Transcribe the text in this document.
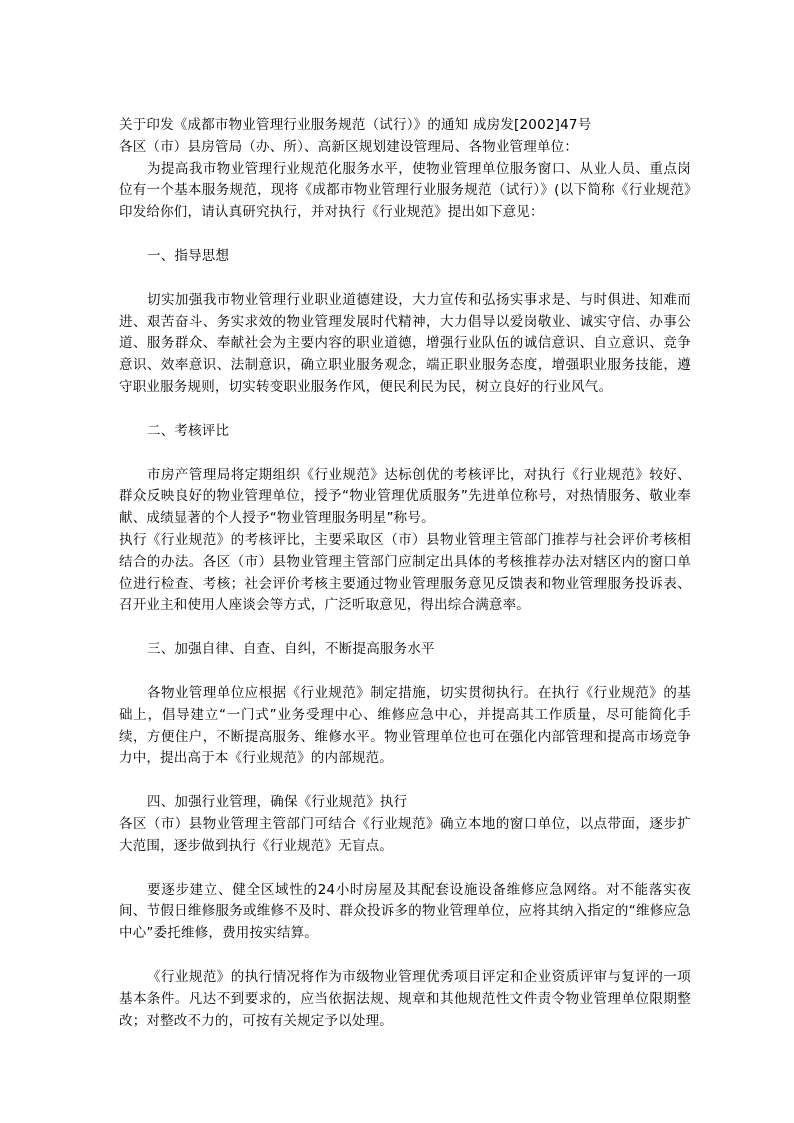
关于印发《成都市物业管理行业服务规范（试行）》的通知 成房发[2002]47号

各区（市）县房管局（办、所）、高新区规划建设管理局、各物业管理单位：

为提高我市物业管理行业规范化服务水平，使物业管理单位服务窗口、从业人员、重点岗位有一个基本服务规范，现将《成都市物业管理行业服务规范（试行）》(以下简称《行业规范》印发给你们，请认真研究执行，并对执行《行业规范》提出如下意见：

一、指导思想

切实加强我市物业管理行业职业道德建设，大力宣传和弘扬实事求是、与时俱进、知难而进、艰苦奋斗、务实求效的物业管理发展时代精神，大力倡导以爱岗敬业、诚实守信、办事公道、服务群众、奉献社会为主要内容的职业道德，增强行业队伍的诚信意识、自立意识、竞争意识、效率意识、法制意识，确立职业服务观念，端正职业服务态度，增强职业服务技能，遵守职业服务规则，切实转变职业服务作风，便民利民为民，树立良好的行业风气。

二、考核评比

市房产管理局将定期组织《行业规范》达标创优的考核评比，对执行《行业规范》较好、群众反映良好的物业管理单位，授予“物业管理优质服务”先进单位称号，对热情服务、敬业奉献、成绩显著的个人授予“物业管理服务明星”称号。

执行《行业规范》的考核评比，主要采取区（市）县物业管理主管部门推荐与社会评价考核相结合的办法。各区（市）县物业管理主管部门应制定出具体的考核推荐办法对辖区内的窗口单位进行检查、考核；社会评价考核主要通过物业管理服务意见反馈表和物业管理服务投诉表、召开业主和使用人座谈会等方式，广泛听取意见，得出综合满意率。

三、加强自律、自查、自纠，不断提高服务水平

各物业管理单位应根据《行业规范》制定措施，切实贯彻执行。在执行《行业规范》的基础上，倡导建立“一门式”业务受理中心、维修应急中心，并提高其工作质量，尽可能简化手续，方便住户，不断提高服务、维修水平。物业管理单位也可在强化内部管理和提高市场竞争力中，提出高于本《行业规范》的内部规范。

四、加强行业管理，确保《行业规范》执行

各区（市）县物业管理主管部门可结合《行业规范》确立本地的窗口单位，以点带面，逐步扩大范围，逐步做到执行《行业规范》无盲点。

要逐步建立、健全区域性的24小时房屋及其配套设施设备维修应急网络。对不能落实夜间、节假日维修服务或维修不及时、群众投诉多的物业管理单位，应将其纳入指定的“维修应急中心”委托维修，费用按实结算。

《行业规范》的执行情况将作为市级物业管理优秀项目评定和企业资质评审与复评的一项基本条件。凡达不到要求的，应当依据法规、规章和其他规范性文件责令物业管理单位限期整改；对整改不力的，可按有关规定予以处理。
